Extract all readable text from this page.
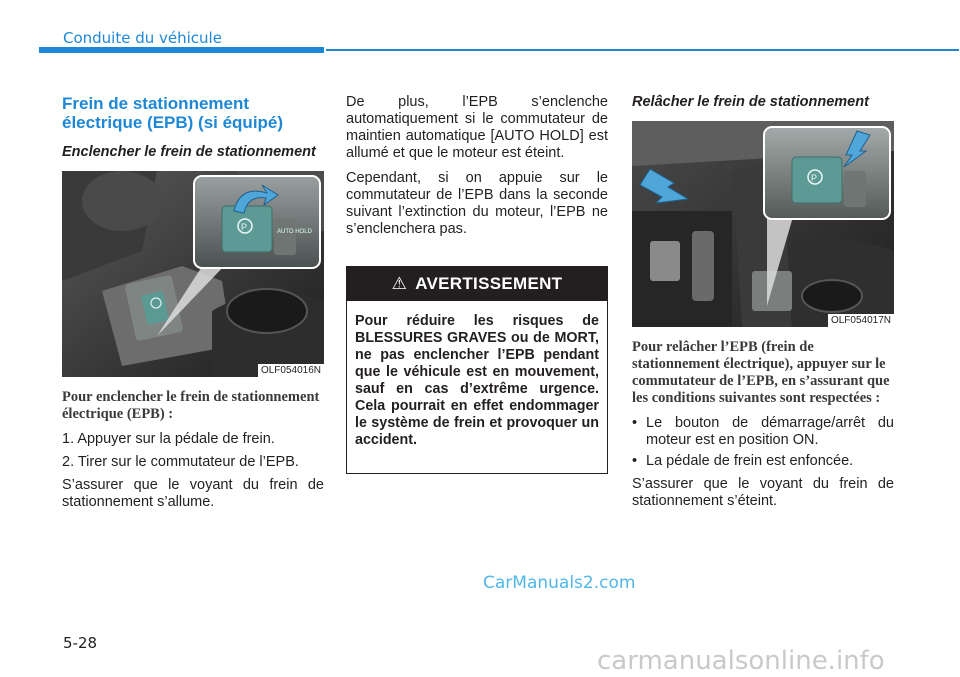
Conduite du véhicule
Frein de stationnement électrique (EPB) (si équipé)
Enclencher le frein de stationnement
P	AUTO HOLD
OLF054016N

Pour enclencher le frein de stationnement électrique (EPB) :

1. Appuyer sur la pédale de frein.

2. Tirer sur le commutateur de l’EPB.

S’assurer que le voyant du frein de stationnement s’allume.

De plus, l’EPB s’enclenche automatiquement si le commutateur de maintien automatique [AUTO HOLD] est allumé et que le moteur est éteint.

Cependant, si on appuie sur le commutateur de l’EPB dans la seconde suivant l’extinction du moteur, l’EPB ne s’enclenchera pas.

⚠ AVERTISSEMENT
Pour réduire les risques de BLESSURES GRAVES ou de MORT, ne pas enclencher l’EPB pendant que le véhicule est en mouvement, sauf en cas d’extrême urgence. Cela pourrait en effet endommager le système de frein et provoquer un accident.
Relâcher le frein de stationnement
P
OLF054017N

Pour relâcher l’EPB (frein de stationnement électrique), appuyer sur le commutateur de l’EPB, en s’assurant que les conditions suivantes sont respectées :

• Le bouton de démarrage/arrêt du moteur est en position ON.
• La pédale de frein est enfoncée.

S’assurer que le voyant du frein de stationnement s’éteint.

CarManuals2.com
5-28
carmanualsonline.info
